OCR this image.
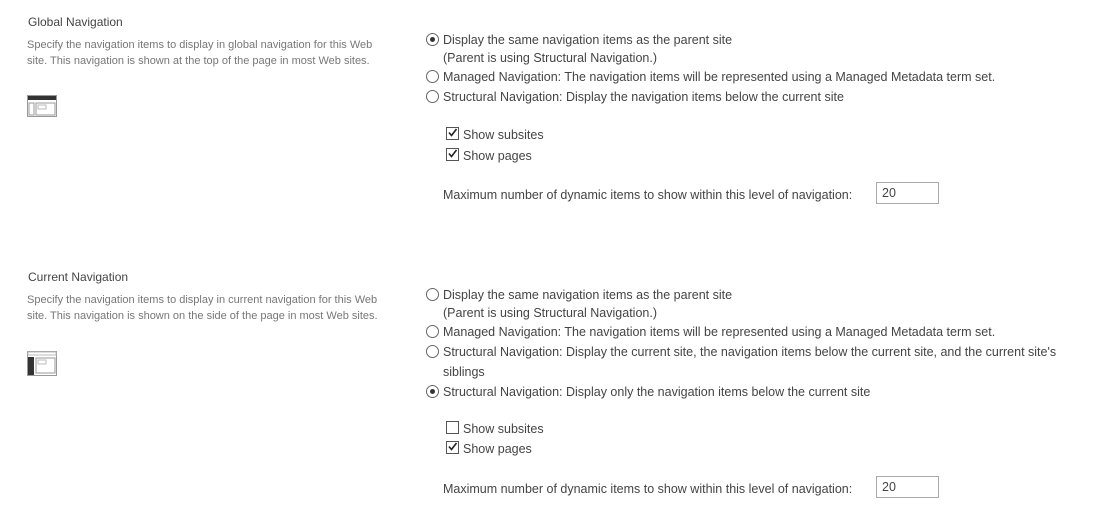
Global Navigation
Specify the navigation items to display in global navigation for this Web site. This navigation is shown at the top of the page in most Web sites.
Display the same navigation items as the parent site
(Parent is using Structural Navigation.)
Managed Navigation: The navigation items will be represented using a Managed Metadata term set.
Structural Navigation: Display the navigation items below the current site
Show subsites
Show pages
Maximum number of dynamic items to show within this level of navigation:
20
Current Navigation
Specify the navigation items to display in current navigation for this Web site. This navigation is shown on the side of the page in most Web sites.
Display the same navigation items as the parent site
(Parent is using Structural Navigation.)
Managed Navigation: The navigation items will be represented using a Managed Metadata term set.
Structural Navigation: Display the current site, the navigation items below the current site, and the current site's
siblings
Structural Navigation: Display only the navigation items below the current site
Show subsites
Show pages
Maximum number of dynamic items to show within this level of navigation:
20
